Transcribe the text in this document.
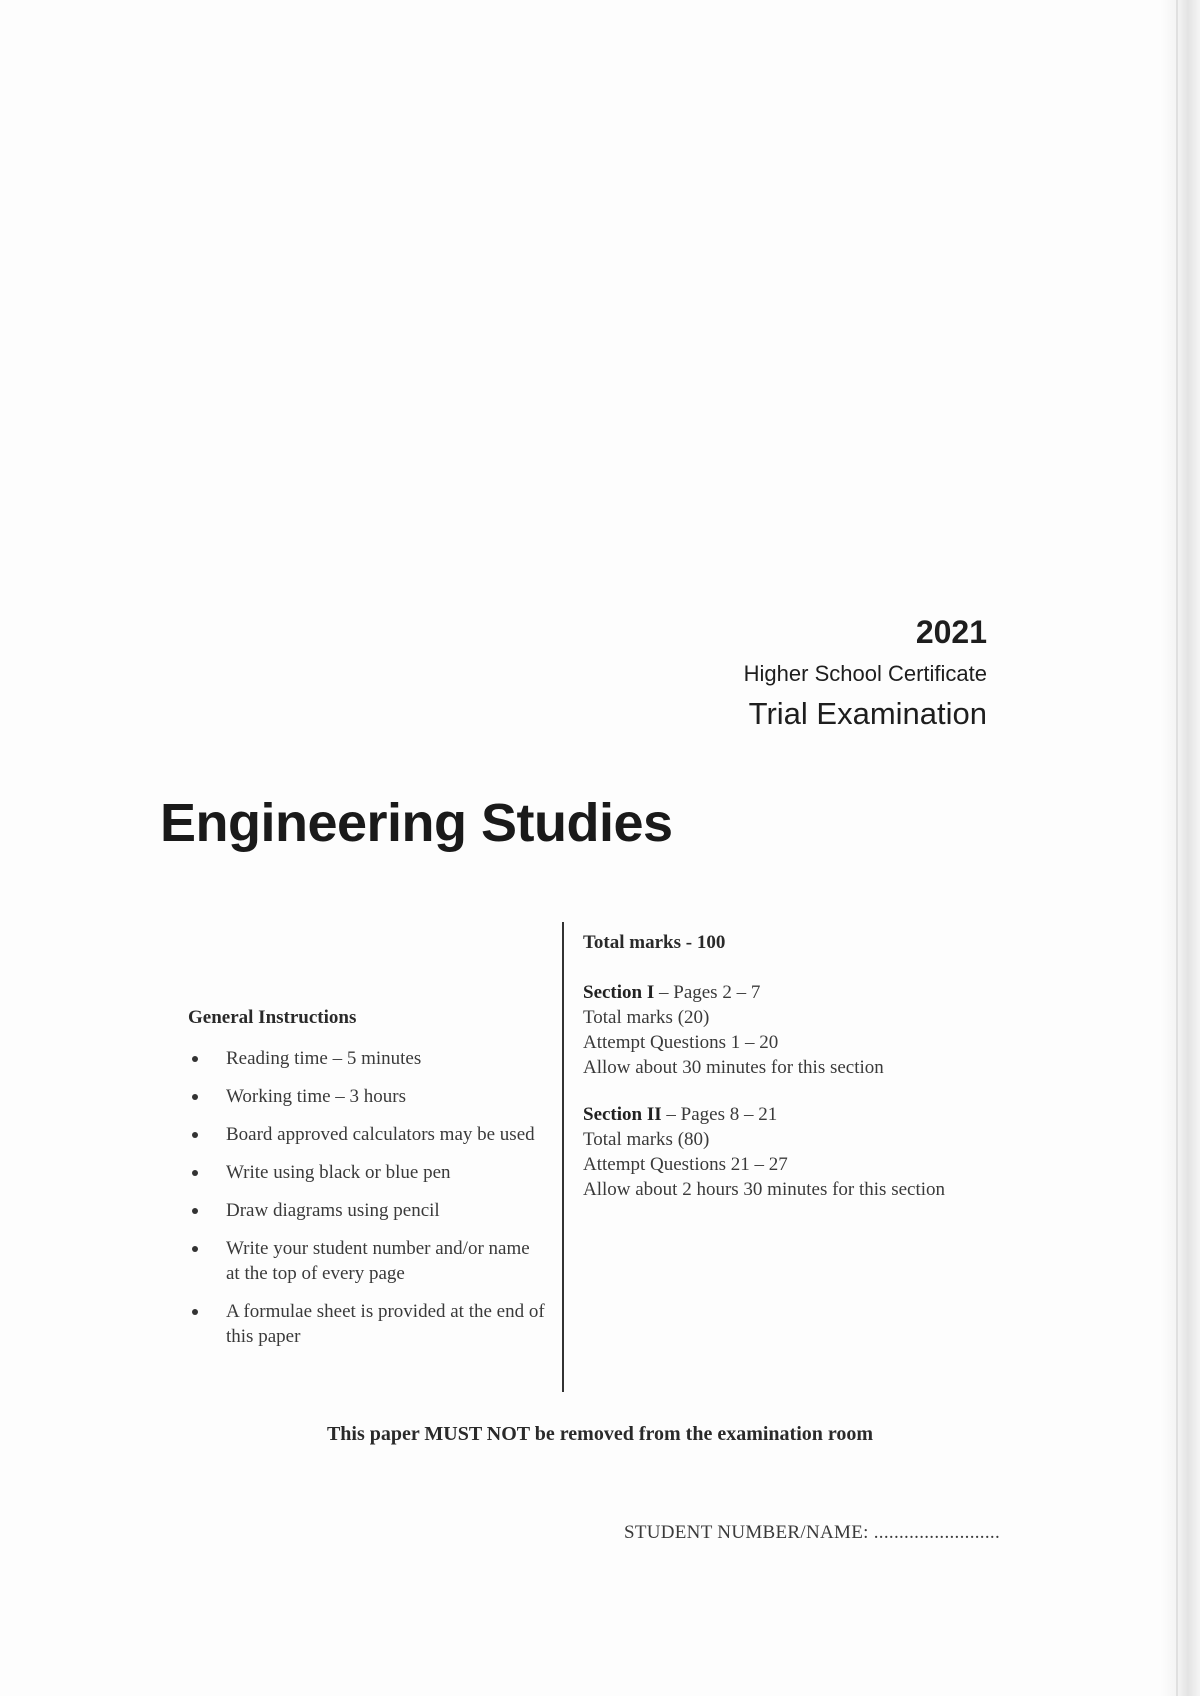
2021
Higher School Certificate
Trial Examination
Engineering Studies
General Instructions
Reading time – 5 minutes
Working time – 3 hours
Board approved calculators may be used
Write using black or blue pen
Draw diagrams using pencil
Write your student number and/or name at the top of every page
A formulae sheet is provided at the end of this paper
Total marks - 100
Section I – Pages 2 – 7
Total marks (20)
Attempt Questions 1 – 20
Allow about 30 minutes for this section
Section II – Pages 8 – 21
Total marks (80)
Attempt Questions 21 – 27
Allow about 2 hours 30 minutes for this section
This paper MUST NOT be removed from the examination room
STUDENT NUMBER/NAME: .........................
